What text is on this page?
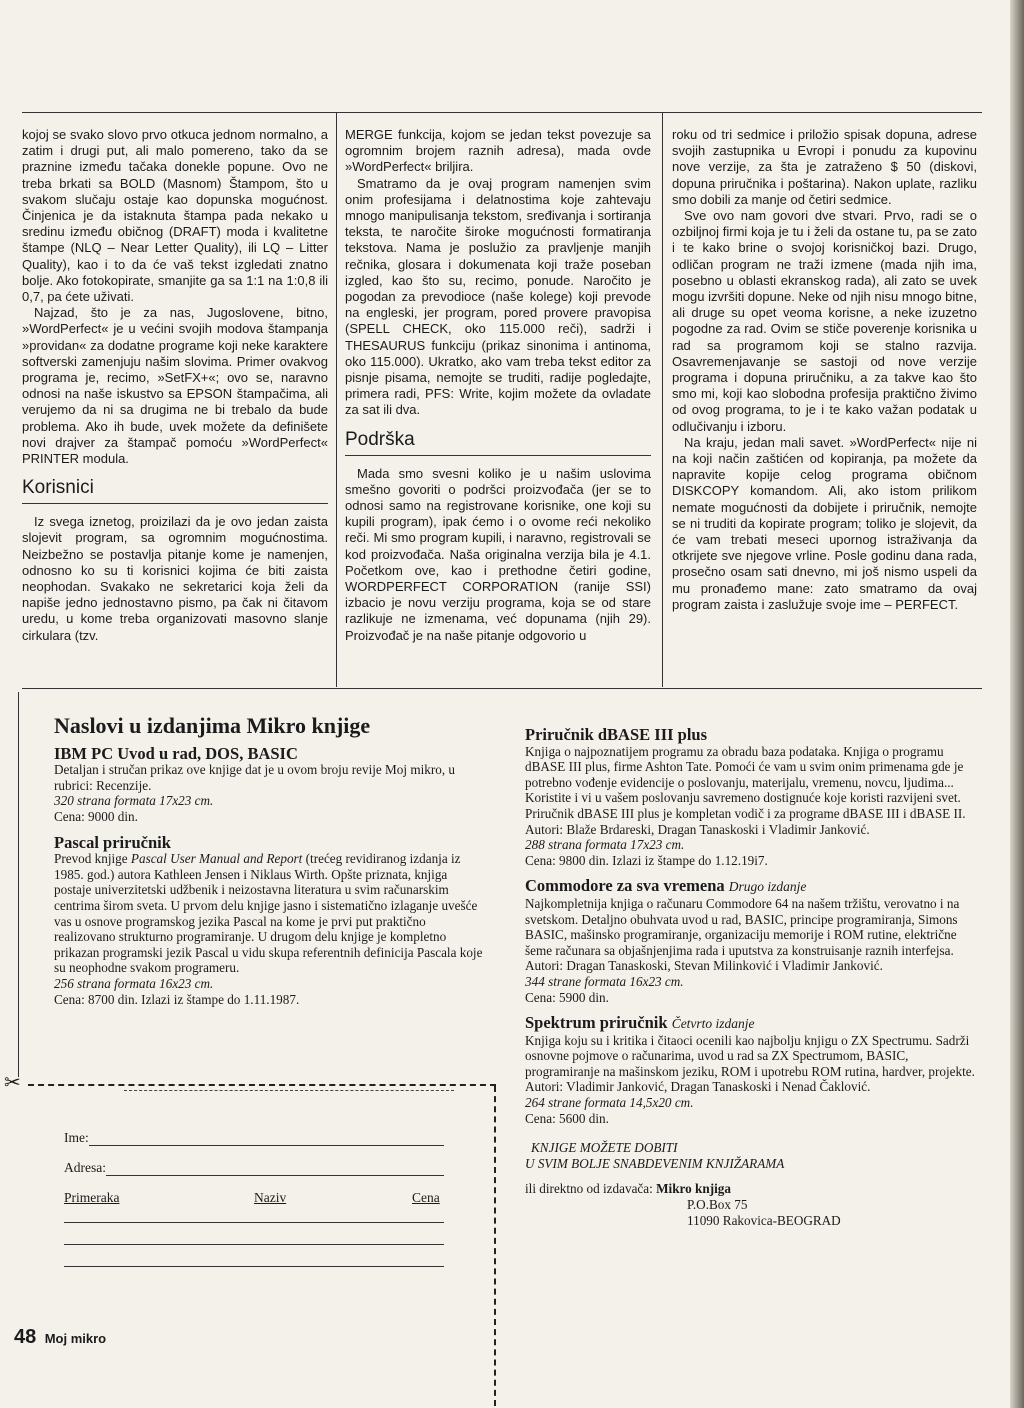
kojoj se svako slovo prvo otkuca jednom normalno, a zatim i drugi put, ali malo pomereno, tako da se praznine između tačaka donekle popune. Ovo ne treba brkati sa BOLD (Masnom) Štampom, što u svakom slučaju ostaje kao dopunska mogućnost. Činjenica je da istaknuta štampa pada nekako u sredinu između običnog (DRAFT) moda i kvalitetne štampe (NLQ – Near Letter Quality), ili LQ – Litter Quality), kao i to da će vaš tekst izgledati znatno bolje. Ako fotokopirate, smanjite ga sa 1:1 na 1:0,8 ili 0,7, pa ćete uživati.

Najzad, što je za nas, Jugoslovene, bitno, »WordPerfect« je u većini svojih modova štampanja »providan« za dodatne programe koji neke karaktere softverski zamenjuju našim slovima. Primer ovakvog programa je, recimo, »SetFX+«; ovo se, naravno odnosi na naše iskustvo sa EPSON štampačima, ali verujemo da ni sa drugima ne bi trebalo da bude problema. Ako ih bude, uvek možete da definišete novi drajver za štampač pomoću »WordPerfect« PRINTER modula.

Korisnici

Iz svega iznetog, proizilazi da je ovo jedan zaista slojevit program, sa ogromnim mogućnostima. Neizbežno se postavlja pitanje kome je namenjen, odnosno ko su ti korisnici kojima će biti zaista neophodan. Svakako ne sekretarici koja želi da napiše jedno jednostavno pismo, pa čak ni čitavom uredu, u kome treba organizovati masovno slanje cirkulara (tzv.

MERGE funkcija, kojom se jedan tekst povezuje sa ogromnim brojem raznih adresa), mada ovde »WordPerfect« briljira.

Smatramo da je ovaj program namenjen svim onim profesijama i delatnostima koje zahtevaju mnogo manipulisanja tekstom, sređivanja i sortiranja teksta, te naročite široke mogućnosti formatiranja tekstova. Nama je poslužio za pravljenje manjih rečnika, glosara i dokumenata koji traže poseban izgled, kao što su, recimo, ponude. Naročito je pogodan za prevodioce (naše kolege) koji prevode na engleski, jer program, pored provere pravopisa (SPELL CHECK, oko 115.000 reči), sadrži i THESAURUS funkciju (prikaz sinonima i antinoma, oko 115.000). Ukratko, ako vam treba tekst editor za pisnje pisama, nemojte se truditi, radije pogledajte, primera radi, PFS: Write, kojim možete da ovladate za sat ili dva.

Podrška

Mada smo svesni koliko je u našim uslovima smešno govoriti o podršci proizvođača (jer se to odnosi samo na registrovane korisnike, one koji su kupili program), ipak ćemo i o ovome reći nekoliko reči. Mi smo program kupili, i naravno, registrovali se kod proizvođača. Naša originalna verzija bila je 4.1. Početkom ove, kao i prethodne četiri godine, WORDPERFECT CORPORATION (ranije SSI) izbacio je novu verziju programa, koja se od stare razlikuje ne izmenama, već dopunama (njih 29). Proizvođač je na naše pitanje odgovorio u

roku od tri sedmice i priložio spisak dopuna, adrese svojih zastupnika u Evropi i ponudu za kupovinu nove verzije, za šta je zatraženo $ 50 (diskovi, dopuna priručnika i poštarina). Nakon uplate, razliku smo dobili za manje od četiri sedmice.

Sve ovo nam govori dve stvari. Prvo, radi se o ozbiljnoj firmi koja je tu i želi da ostane tu, pa se zato i te kako brine o svojoj korisničkoj bazi. Drugo, odličan program ne traži izmene (mada njih ima, posebno u oblasti ekranskog rada), ali zato se uvek mogu izvršiti dopune. Neke od njih nisu mnogo bitne, ali druge su opet veoma korisne, a neke izuzetno pogodne za rad. Ovim se stiče poverenje korisnika u rad sa programom koji se stalno razvija. Osavremenjavanje se sastoji od nove verzije programa i dopuna priručniku, a za takve kao što smo mi, koji kao slobodna profesija praktično živimo od ovog programa, to je i te kako važan podatak u odlučivanju i izboru.

Na kraju, jedan mali savet. »WordPerfect« nije ni na koji način zaštićen od kopiranja, pa možete da napravite kopije celog programa običnom DISKCOPY komandom. Ali, ako istom prilikom nemate mogućnosti da dobijete i priručnik, nemojte se ni truditi da kopirate program; toliko je slojevit, da će vam trebati meseci upornog istraživanja da otkrijete sve njegove vrline. Posle godinu dana rada, prosečno osam sati dnevno, mi još nismo uspeli da mu pronađemo mane: zato smatramo da ovaj program zaista i zaslužuje svoje ime – PERFECT.

Naslovi u izdanjima Mikro knjige
IBM PC Uvod u rad, DOS, BASIC

Detaljan i stručan prikaz ove knjige dat je u ovom broju revije Moj mikro, u rubrici: Recenzije.

320 strana formata 17x23 cm.

Cena: 9000 din.

Pascal priručnik

Prevod knjige Pascal User Manual and Report (trećeg revidiranog izdanja iz 1985. god.) autora Kathleen Jensen i Niklaus Wirth. Opšte priznata, knjiga postaje univerzitetski udžbenik i neizostavna literatura u svim računarskim centrima širom sveta. U prvom delu knjige jasno i sistematično izlaganje uvešće vas u osnove programskog jezika Pascal na kome je prvi put praktično realizovano strukturno programiranje. U drugom delu knjige je kompletno prikazan programski jezik Pascal u vidu skupa referentnih definicija Pascala koje su neophodne svakom programeru.

256 strana formata 16x23 cm.

Cena: 8700 din. Izlazi iz štampe do 1.11.1987.

Priručnik dBASE III plus

Knjiga o najpoznatijem programu za obradu baza podataka. Knjiga o programu dBASE III plus, firme Ashton Tate. Pomoći će vam u svim onim primenama gde je potrebno vođenje evidencije o poslovanju, materijalu, vremenu, novcu, ljudima... Koristite i vi u vašem poslovanju savremeno dostignuće koje koristi razvijeni svet. Priručnik dBASE III plus je kompletan vodič i za programe dBASE III i dBASE II. Autori: Blaže Brdareski, Dragan Tanaskoski i Vladimir Janković.

288 strana formata 17x23 cm.

Cena: 9800 din. Izlazi iz štampe do 1.12.19i7.

Commodore za sva vremena Drugo izdanje

Najkompletnija knjiga o računaru Commodore 64 na našem tržištu, verovatno i na svetskom. Detaljno obuhvata uvod u rad, BASIC, principe programiranja, Simons BASIC, mašinsko programiranje, organizaciju memorije i ROM rutine, električne šeme računara sa objašnjenjima rada i uputstva za konstruisanje raznih interfejsa. Autori: Dragan Tanaskoski, Stevan Milinković i Vladimir Janković.

344 strane formata 16x23 cm.

Cena: 5900 din.

Spektrum priručnik Četvrto izdanje

Knjiga koju su i kritika i čitaoci ocenili kao najbolju knjigu o ZX Spectrumu. Sadrži osnovne pojmove o računarima, uvod u rad sa ZX Spectrumom, BASIC, programiranje na mašinskom jeziku, ROM i upotrebu ROM rutina, hardver, projekte. Autori: Vladimir Janković, Dragan Tanaskoski i Nenad Čaklović.

264 strane formata 14,5x20 cm.

Cena: 5600 din.

KNJIGE MOŽETE DOBITI

U SVIM BOLJE SNABDEVENIM KNJIŽARAMA

ili direktno od izdavača: Mikro knjiga

P.O.Box 75

11090 Rakovica-BEOGRAD

✂
Ime:
Adresa:
Primeraka	Naziv	Cena
48 Moj mikro
